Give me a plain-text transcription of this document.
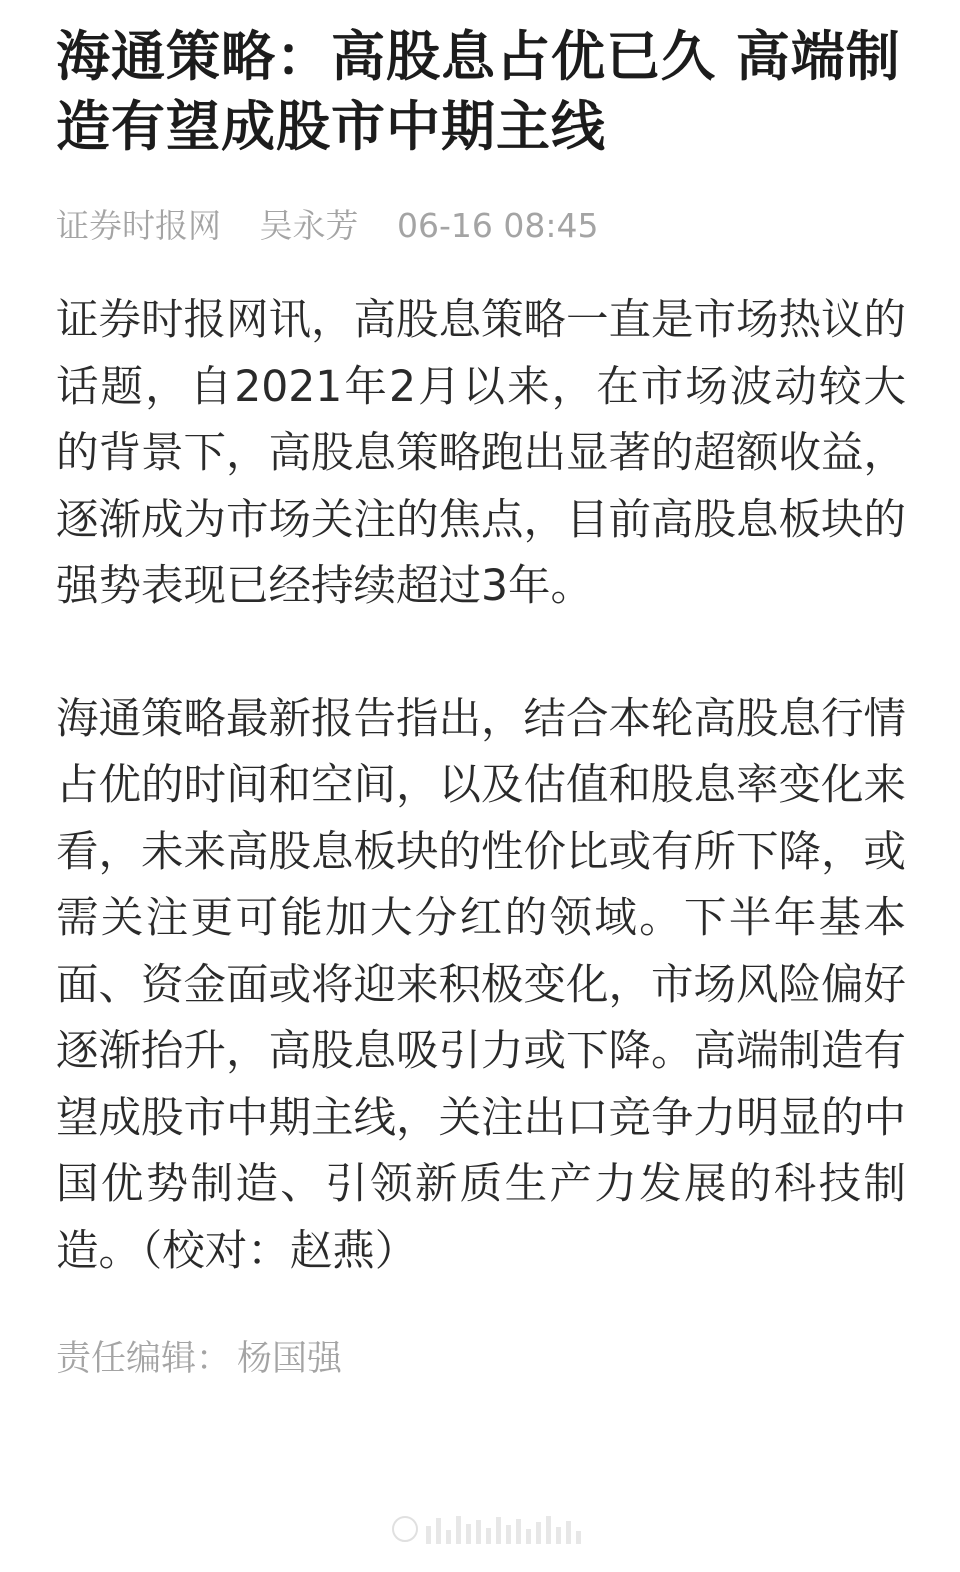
海通策略：高股息占优已久 高端制造有望成股市中期主线
证券时报网 吴永芳 06-16 08:45

证券时报网讯，高股息策略一直是市场热议的话题，自2021年2月以来，在市场波动较大的背景下，高股息策略跑出显著的超额收益，逐渐成为市场关注的焦点，目前高股息板块的强势表现已经持续超过3年。

海通策略最新报告指出，结合本轮高股息行情占优的时间和空间，以及估值和股息率变化来看，未来高股息板块的性价比或有所下降，或需关注更可能加大分红的领域。下半年基本面、资金面或将迎来积极变化，市场风险偏好逐渐抬升，高股息吸引力或下降。高端制造有望成股市中期主线，关注出口竞争力明显的中国优势制造、引领新质生产力发展的科技制造。（校对：赵燕）

责任编辑： 杨国强
